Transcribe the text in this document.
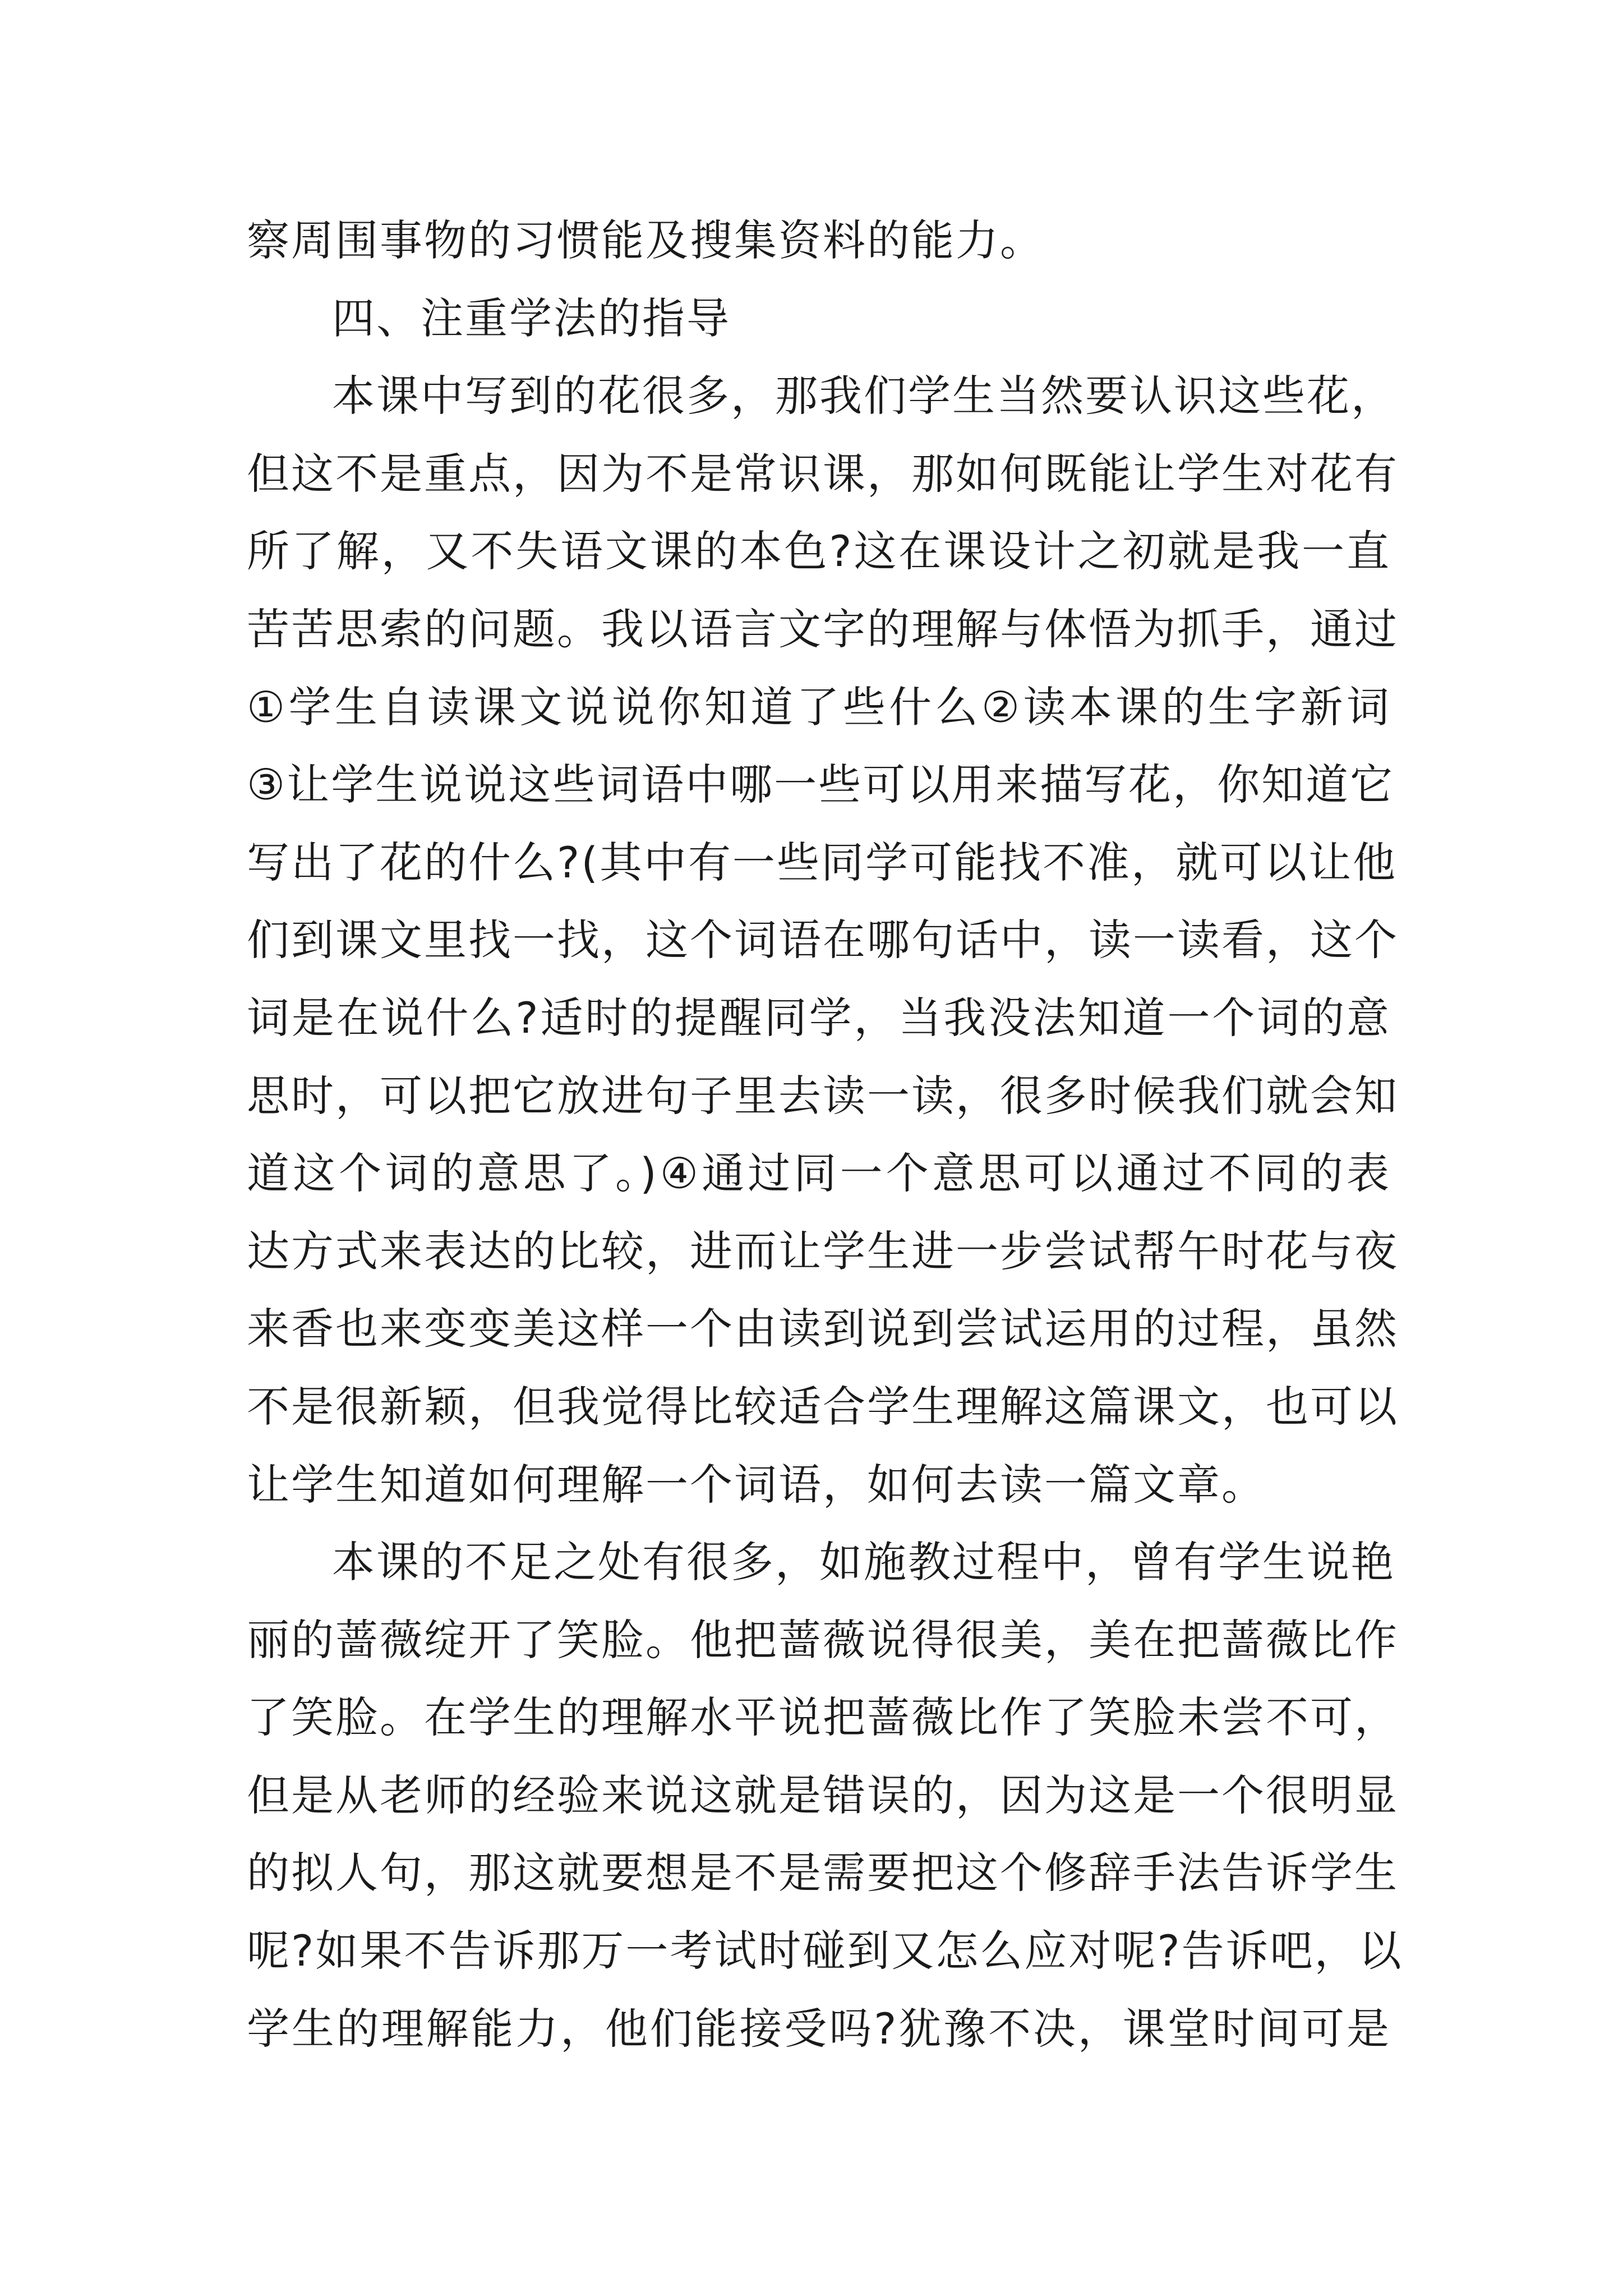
察周围事物的习惯能及搜集资料的能力。
四、注重学法的指导
本课中写到的花很多，那我们学生当然要认识这些花，
但这不是重点，因为不是常识课，那如何既能让学生对花有
所了解，又不失语文课的本色?这在课设计之初就是我一直
苦苦思索的问题。我以语言文字的理解与体悟为抓手，通过
①学生自读课文说说你知道了些什么②读本课的生字新词
③让学生说说这些词语中哪一些可以用来描写花，你知道它
写出了花的什么?(其中有一些同学可能找不准，就可以让他
们到课文里找一找，这个词语在哪句话中，读一读看，这个
词是在说什么?适时的提醒同学，当我没法知道一个词的意
思时，可以把它放进句子里去读一读，很多时候我们就会知
道这个词的意思了。)④通过同一个意思可以通过不同的表
达方式来表达的比较，进而让学生进一步尝试帮午时花与夜
来香也来变变美这样一个由读到说到尝试运用的过程，虽然
不是很新颖，但我觉得比较适合学生理解这篇课文，也可以
让学生知道如何理解一个词语，如何去读一篇文章。
本课的不足之处有很多，如施教过程中，曾有学生说艳
丽的蔷薇绽开了笑脸。他把蔷薇说得很美，美在把蔷薇比作
了笑脸。在学生的理解水平说把蔷薇比作了笑脸未尝不可，
但是从老师的经验来说这就是错误的，因为这是一个很明显
的拟人句，那这就要想是不是需要把这个修辞手法告诉学生
呢?如果不告诉那万一考试时碰到又怎么应对呢?告诉吧，以
学生的理解能力，他们能接受吗?犹豫不决，课堂时间可是
